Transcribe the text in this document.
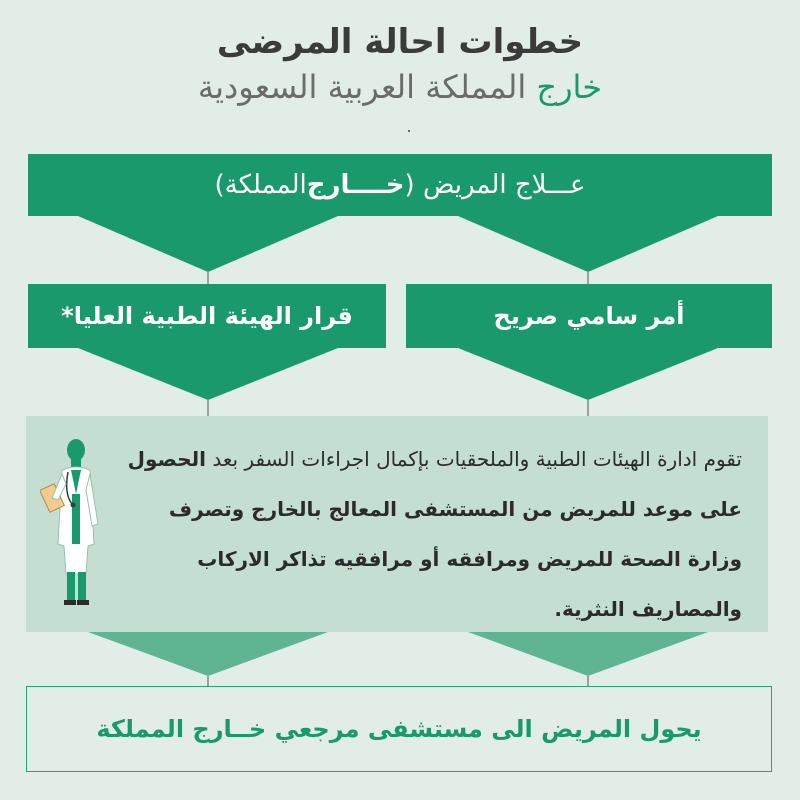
خطوات احالة المرضى
خارج المملكة العربية السعودية
عـــلاج المريض (
خــــارج
المملكة)
أمر سامي صريح
قرار الهيئة الطبية العليا*
تقوم ادارة الهيئات الطبية والملحقيات بإكمال اجراءات السفر بعد الحصول على موعد للمريض من المستشفى المعالج بالخارج وتصرف وزارة الصحة للمريض ومرافقه أو مرافقيه تذاكر الاركاب والمصاريف النثرية.
يحول المريض الى مستشفى مرجعي خــارج المملكة
